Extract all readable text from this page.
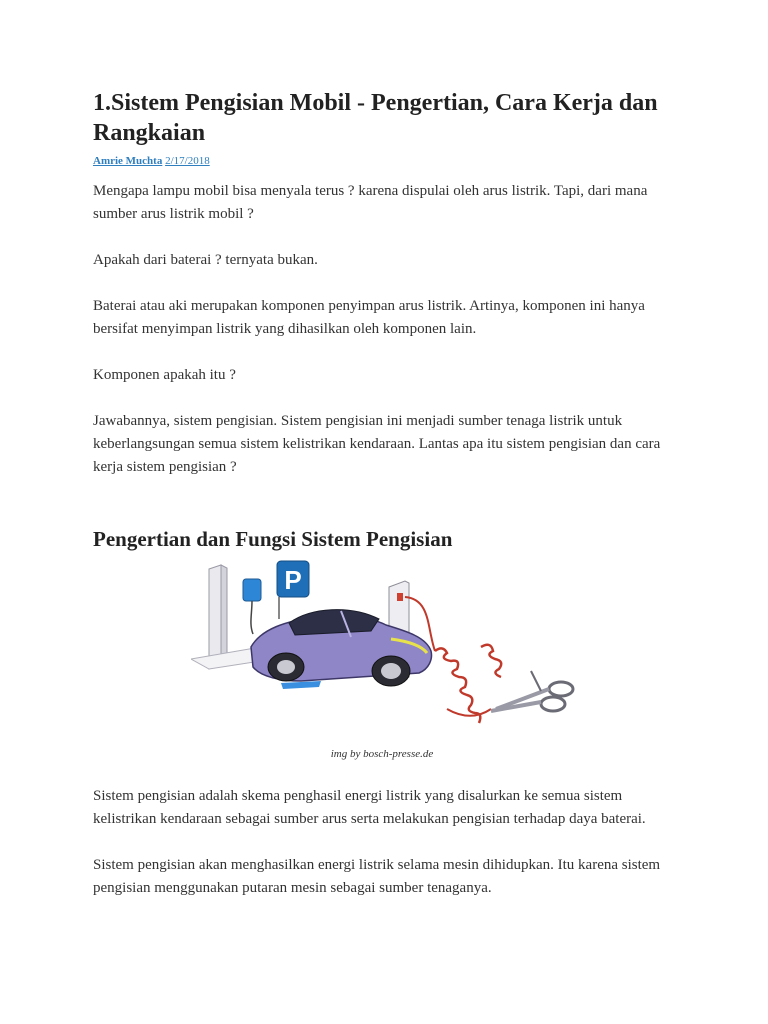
1.Sistem Pengisian Mobil - Pengertian, Cara Kerja dan Rangkaian
Amrie Muchta 2/17/2018

Mengapa lampu mobil bisa menyala terus ? karena dispulai oleh arus listrik. Tapi, dari mana sumber arus listrik mobil ?

Apakah dari baterai ? ternyata bukan.

Baterai atau aki merupakan komponen penyimpan arus listrik. Artinya, komponen ini hanya bersifat menyimpan listrik yang dihasilkan oleh komponen lain.

Komponen apakah itu ?

Jawabannya, sistem pengisian. Sistem pengisian ini menjadi sumber tenaga listrik untuk keberlangsungan semua sistem kelistrikan kendaraan. Lantas apa itu sistem pengisian dan cara kerja sistem pengisian ?

Pengertian dan Fungsi Sistem Pengisian
P
img by bosch-presse.de

Sistem pengisian adalah skema penghasil energi listrik yang disalurkan ke semua sistem kelistrikan kendaraan sebagai sumber arus serta melakukan pengisian terhadap daya baterai.

Sistem pengisian akan menghasilkan energi listrik selama mesin dihidupkan. Itu karena sistem pengisian menggunakan putaran mesin sebagai sumber tenaganya.
